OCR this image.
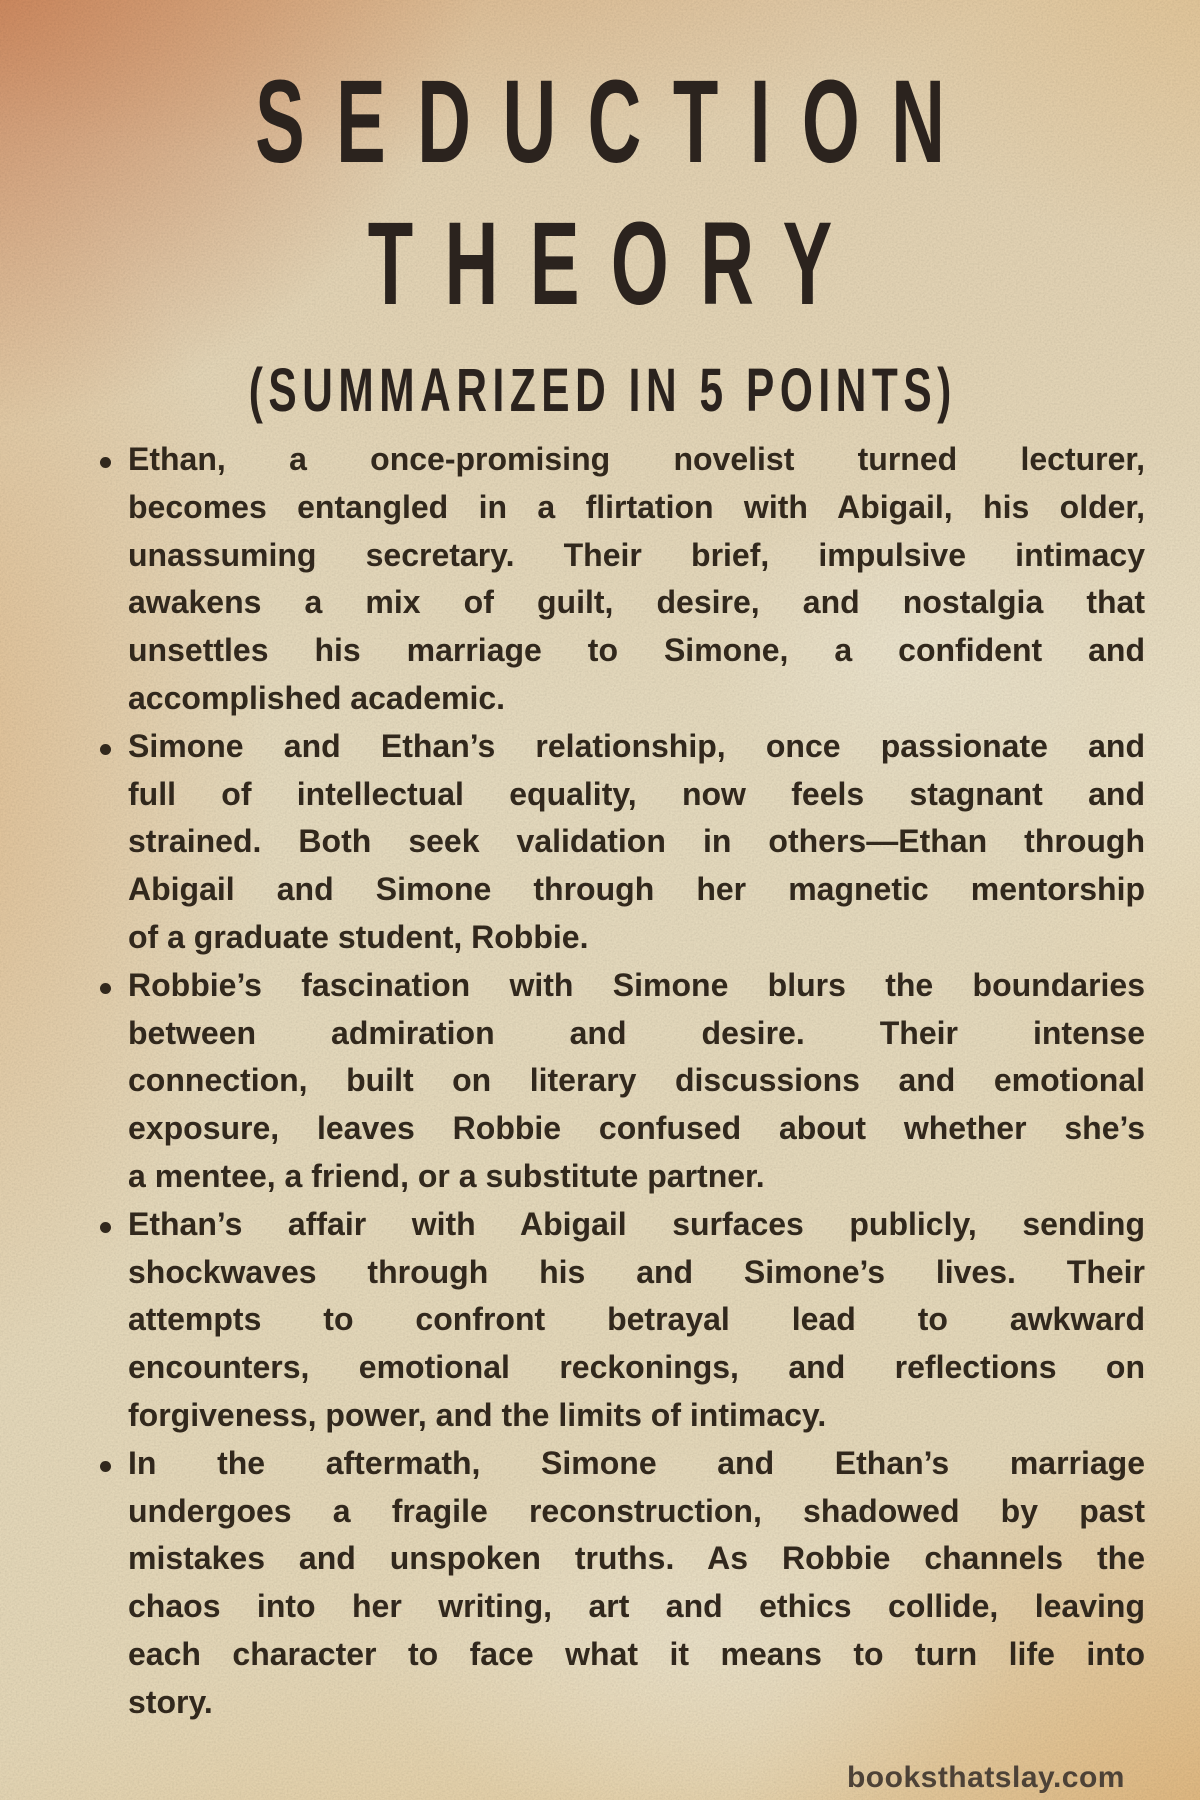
SEDUCTION
THEORY
(SUMMARIZED IN 5 POINTS)
Ethan, a once-promising novelist turned lecturer,
becomes entangled in a flirtation with Abigail, his older,
unassuming secretary. Their brief, impulsive intimacy
awakens a mix of guilt, desire, and nostalgia that
unsettles his marriage to Simone, a confident and
accomplished academic.
Simone and Ethan’s relationship, once passionate and
full of intellectual equality, now feels stagnant and
strained. Both seek validation in others—Ethan through
Abigail and Simone through her magnetic mentorship
of a graduate student, Robbie.
Robbie’s fascination with Simone blurs the boundaries
between admiration and desire. Their intense
connection, built on literary discussions and emotional
exposure, leaves Robbie confused about whether she’s
a mentee, a friend, or a substitute partner.
Ethan’s affair with Abigail surfaces publicly, sending
shockwaves through his and Simone’s lives. Their
attempts to confront betrayal lead to awkward
encounters, emotional reckonings, and reflections on
forgiveness, power, and the limits of intimacy.
In the aftermath, Simone and Ethan’s marriage
undergoes a fragile reconstruction, shadowed by past
mistakes and unspoken truths. As Robbie channels the
chaos into her writing, art and ethics collide, leaving
each character to face what it means to turn life into
story.
booksthatslay.com
